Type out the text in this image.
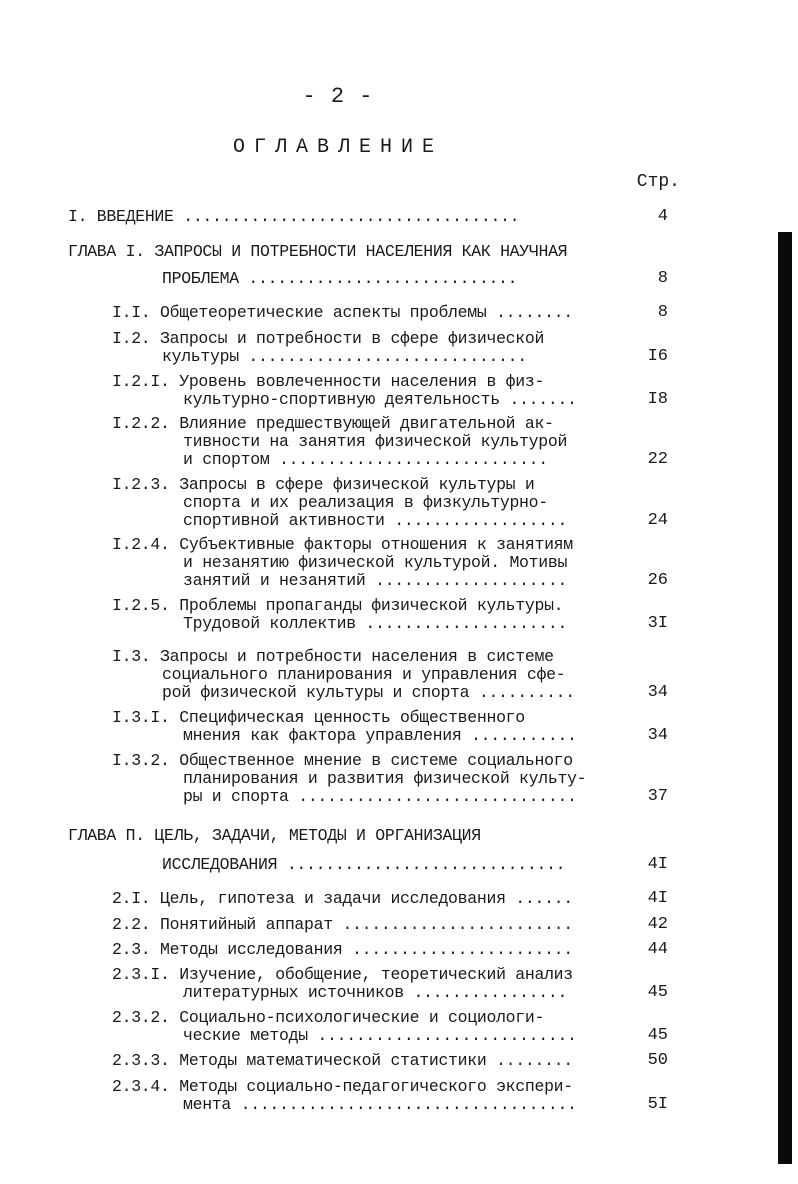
- 2 -
ОГЛАВЛЕНИЕ
Стр.
I. ВВЕДЕНИЕ ...................................	4
ГЛАВА I. ЗАПРОСЫ И ПОТРЕБНОСТИ НАСЕЛЕНИЯ КАК НАУЧНАЯ
ПРОБЛЕМА ............................	8
I.I. Общетеоретические аспекты проблемы ........	8
I.2. Запросы и потребности в сфере физической
культуры .............................	I6
I.2.I. Уровень вовлеченности населения в физ-
культурно-спортивную деятельность .......	I8
I.2.2. Влияние предшествующей двигательной ак-
тивности на занятия физической культурой
и спортом ............................	22
I.2.3. Запросы в сфере физической культуры и
спорта и их реализация в физкультурно-
спортивной активности ..................	24
I.2.4. Субъективные факторы отношения к занятиям
и незанятию физической культурой. Мотивы
занятий и незанятий ....................	26
I.2.5. Проблемы пропаганды физической культуры.
Трудовой коллектив .....................	3I
I.3. Запросы и потребности населения в системе
социального планирования и управления сфе-
рой физической культуры и спорта ..........	34
I.3.I. Специфическая ценность общественного
мнения как фактора управления ...........	34
I.3.2. Общественное мнение в системе социального
планирования и развития физической культу-
ры и спорта .............................	37
ГЛАВА П. ЦЕЛЬ, ЗАДАЧИ, МЕТОДЫ И ОРГАНИЗАЦИЯ
ИССЛЕДОВАНИЯ .............................	4I
2.I. Цель, гипотеза и задачи исследования ......	4I
2.2. Понятийный аппарат ........................	42
2.3. Методы исследования .......................	44
2.3.I. Изучение, обобщение, теоретический анализ
литературных источников ................	45
2.3.2. Социально-психологические и социологи-
ческие методы ...........................	45
2.3.3. Методы математической статистики ........	50
2.3.4. Методы социально-педагогического экспери-
мента ...................................	5I
